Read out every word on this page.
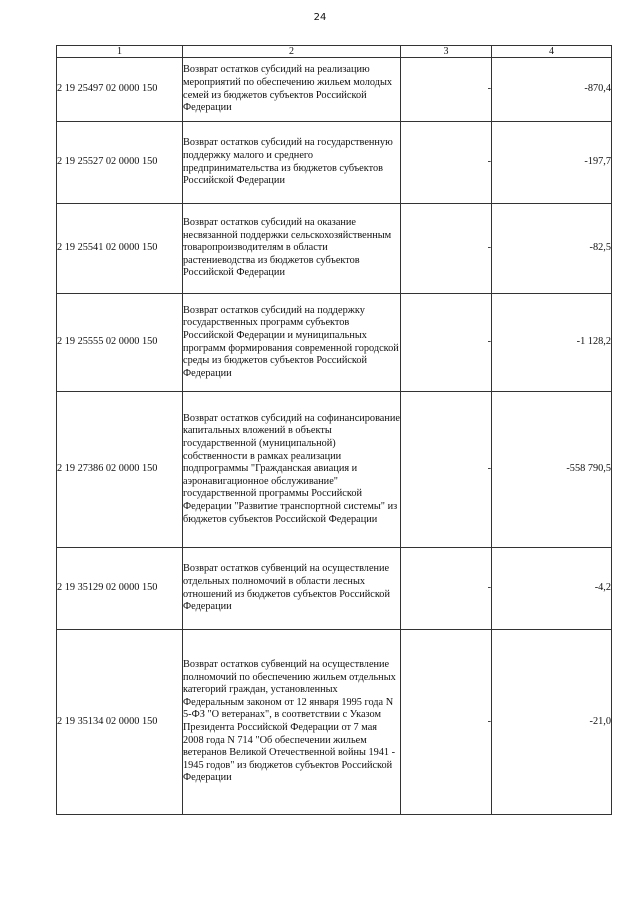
24
1	2	3	4
2 19 25497 02 0000 150	Возврат остатков субсидий на реализацию мероприятий по обеспечению жильем молодых семей из бюджетов субъектов Российской Федерации	-	-870,4
2 19 25527 02 0000 150	Возврат остатков субсидий на государственную поддержку малого и среднего предпринимательства из бюджетов субъектов Российской Федерации	-	-197,7
2 19 25541 02 0000 150	Возврат остатков субсидий на оказание несвязанной поддержки сельскохозяйственным товаропроизводителям в области растениеводства из бюджетов субъектов Российской Федерации	-	-82,5
2 19 25555 02 0000 150	Возврат остатков субсидий на поддержку государственных программ субъектов Российской Федерации и муниципальных программ формирования современной городской среды из бюджетов субъектов Российской Федерации	-	-1 128,2
2 19 27386 02 0000 150	Возврат остатков субсидий на софинансирование капитальных вложений в объекты государственной (муниципальной) собственности в рамках реализации подпрограммы "Гражданская авиация и аэронавигационное обслуживание" государственной программы Российской Федерации "Развитие транспортной системы" из бюджетов субъектов Российской Федерации	-	-558 790,5
2 19 35129 02 0000 150	Возврат остатков субвенций на осуществление отдельных полномочий в области лесных отношений из бюджетов субъектов Российской Федерации	-	-4,2
2 19 35134 02 0000 150	Возврат остатков субвенций на осуществление полномочий по обеспечению жильем отдельных категорий граждан, установленных Федеральным законом от 12 января 1995 года N 5-ФЗ "О ветеранах", в соответствии с Указом Президента Российской Федерации от 7 мая 2008 года N 714 "Об обеспечении жильем ветеранов Великой Отечественной войны 1941 - 1945 годов" из бюджетов субъектов Российской Федерации	-	-21,0
